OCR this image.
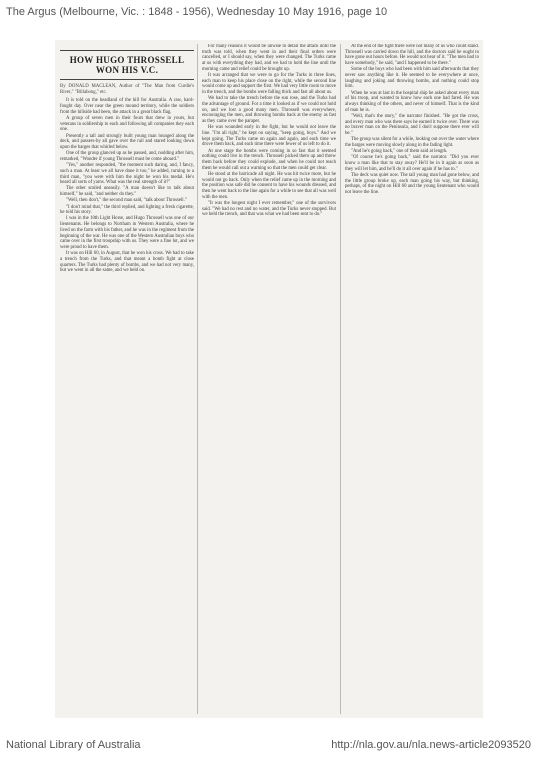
The Argus (Melbourne, Vic. : 1848 - 1956), Wednesday 10 May 1916, page 10
HOW HUGO THROSSELL WON HIS V.C.
By DONALD MACLEAN, Author of "The Man from Curdie's River," "Billabong," etc.

It is told on the headland of the hill for Australia. A raw, hard-fought day. Over near the green mound territory, while the soldiers from the hillside had been, the attack in a great black flag.

A group of seven men in their fours that drew in yours, but veterans in soldiership to each and following all companies they each one.

Presently a tall and strongly built young man lounged along the deck, and passers-by all gave over the rail and stared looking down upon the barges that whirled below.

One of the group glanced up as he passed, and, nodding after him, remarked, "Wonder if young Throssell must be come aboard."

"Yes," another responded, "the moment such daring, and, I fancy, such a man. At least we all have done it too," he added, turning to a third man, "you were with him the night he won his medal. He's heard all sorts of yarns. What was the real strength of it?"

The other smiled uneasily. "A man doesn't like to talk about himself," he said, "and neither do they."

"Well, then don't," the second man said, "talk about Throssell."

"I don't mind that," the third replied, and lighting a fresh cigarette, he told his story.

I was in the 10th Light Horse, and Hugo Throssell was one of our lieutenants. He belongs to Northam in Western Australia, where he lived on the farm with his father, and he was in the regiment from the beginning of the war. He was one of the Western Australian boys who came over in the first troopship with us. They were a fine lot, and we were proud to have them.

It was on Hill 60, in August, that he won his cross. We had to take a trench from the Turks, and that meant a bomb fight at close quarters. The Turks had plenty of bombs, and we had not very many, but we went in all the same, and we held on.

For many reasons it would be unwise to detail the attack until the truth was told, when they went in and their final orders were cancelled, or I should say, when they were changed. The Turks came at us with everything they had, and we had to hold the line until the morning came and relief could be brought up.

It was arranged that we were to go for the Turks in three lines, each man to keep his place close on the right, while the second line would come up and support the first. We had very little room to move in the trench, and the bombs were falling thick and fast all about us.

We had to take the trench before the sun rose, and the Turks had the advantage of ground. For a time it looked as if we could not hold on, and we lost a good many men. Throssell was everywhere, encouraging the men, and throwing bombs back at the enemy as fast as they came over the parapet.

He was wounded early in the fight, but he would not leave the line. "I'm all right," he kept on saying, "keep going, boys." And we kept going. The Turks came on again and again, and each time we drove them back, and each time there were fewer of us left to do it.

At one stage the bombs were coming in so fast that it seemed nothing could live in the trench. Throssell picked them up and threw them back before they could explode, and when he could not reach them he would call out a warning so that the men could get clear.

He stood at the barricade all night. He was hit twice more, but he would not go back. Only when the relief came up in the morning and the position was safe did he consent to have his wounds dressed, and then he went back to the line again for a while to see that all was well with the men.

"It was the longest night I ever remember," one of the survivors said. "We had no rest and no water, and the Turks never stopped. But we held the trench, and that was what we had been sent to do."

At the end of the fight there were not many of us who could stand. Throssell was carried down the hill, and the doctors said he ought to have gone out hours before. He would not hear of it. "The men had to have somebody," he said, "and I happened to be there."

Some of the boys who had been with him said afterwards that they never saw anything like it. He seemed to be everywhere at once, laughing and joking and throwing bombs, and nothing could stop him.

When he was at last in the hospital ship he asked about every man of his troop, and wanted to know how each one had fared. He was always thinking of the others, and never of himself. That is the kind of man he is.

"Well, that's the story," the narrator finished. "He got the cross, and every man who was there says he earned it twice over. There was no braver man on the Peninsula, and I don't suppose there ever will be."

The group was silent for a while, looking out over the water where the barges were moving slowly along in the fading light.

"And he's going back," one of them said at length.

"Of course he's going back," said the narrator. "Did you ever know a man like that to stay away? He'll be in it again as soon as they will let him, and he'll do it all over again if he has to."

The deck was quiet now. The tall young man had gone below, and the little group broke up, each man going his way, but thinking, perhaps, of the night on Hill 60 and the young lieutenant who would not leave the line.

National Library of Australia	http://nla.gov.au/nla.news-article2093520
